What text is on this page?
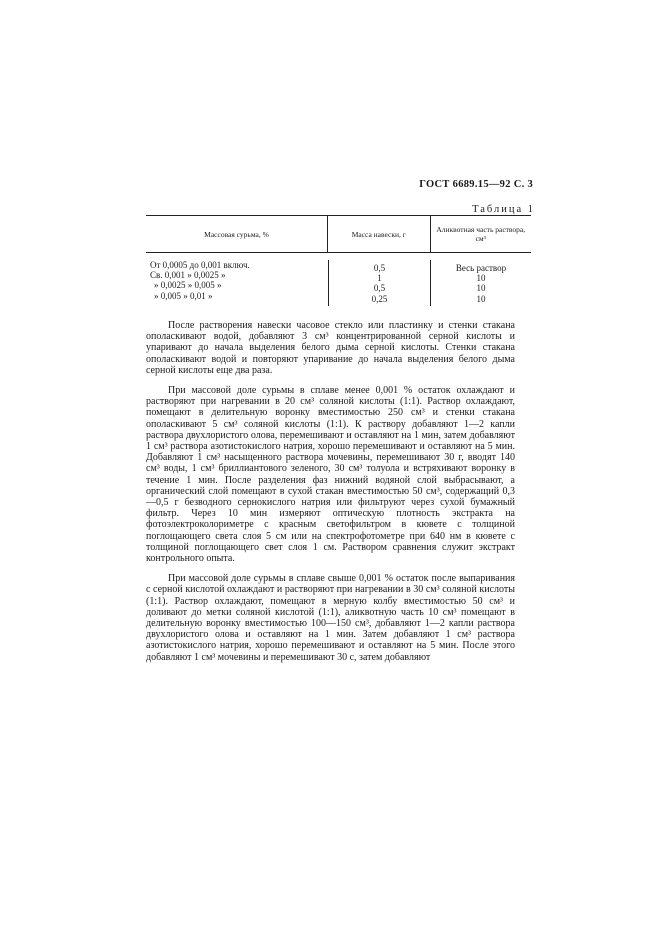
ГОСТ 6689.15—92 С. 3
Таблица 1
Массовая сурьма, %	Масса навески, г	Аликвотная часть раствора, см³
От 0,0005 до 0,001 включ.
Св. 0,001 » 0,0025 »
» 0,0025 » 0,005 »
» 0,005 » 0,01 »
0,5
1
0,5
0,25
Весь раствор
10
10
10

После растворения навески часовое стекло или пластинку и стенки стакана ополаскивают водой, добавляют 3 см³ концентрированной серной кислоты и упаривают до начала выделения белого дыма серной кислоты. Стенки стакана ополаскивают водой и повторяют упаривание до начала выделения белого дыма серной кислоты еще два раза.

При массовой доле сурьмы в сплаве менее 0,001 % остаток охлаждают и растворяют при нагревании в 20 см³ соляной кислоты (1:1). Раствор охлаждают, помещают в делительную воронку вместимостью 250 см³ и стенки стакана ополаскивают 5 см³ соляной кислоты (1:1). К раствору добавляют 1—2 капли раствора двухлористого олова, перемешивают и оставляют на 1 мин, затем добавляют 1 см³ раствора азотистокислого натрия, хорошо перемешивают и оставляют на 5 мин. Добавляют 1 см³ насыщенного раствора мочевины, перемешивают 30 г, вводят 140 см³ воды, 1 см³ бриллиантового зеленого, 30 см³ толуола и встряхивают воронку в течение 1 мин. После разделения фаз нижний водяной слой выбрасывают, а органический слой помещают в сухой стакан вместимостью 50 см³, содержащий 0,3—0,5 г безводного сернокислого натрия или фильтруют через сухой бумажный фильтр. Через 10 мин измеряют оптическую плотность экстракта на фотоэлектроколориметре с красным светофильтром в кювете с толщиной поглощающего света слоя 5 см или на спектрофотометре при 640 нм в кювете с толщиной поглощающего свет слоя 1 см. Раствором сравнения служит экстракт контрольного опыта.

При массовой доле сурьмы в сплаве свыше 0,001 % остаток после выпаривания с серной кислотой охлаждают и растворяют при нагревании в 30 см³ соляной кислоты (1:1). Раствор охлаждают, помещают в мерную колбу вместимостью 50 см³ и доливают до метки соляной кислотой (1:1), аликвотную часть 10 см³ помещают в делительную воронку вместимостью 100—150 см³, добавляют 1—2 капли раствора двухлористого олова и оставляют на 1 мин. Затем добавляют 1 см³ раствора азотистокислого натрия, хорошо перемешивают и оставляют на 5 мин. После этого добавляют 1 см³ мочевины и перемешивают 30 с, затем добавляют
